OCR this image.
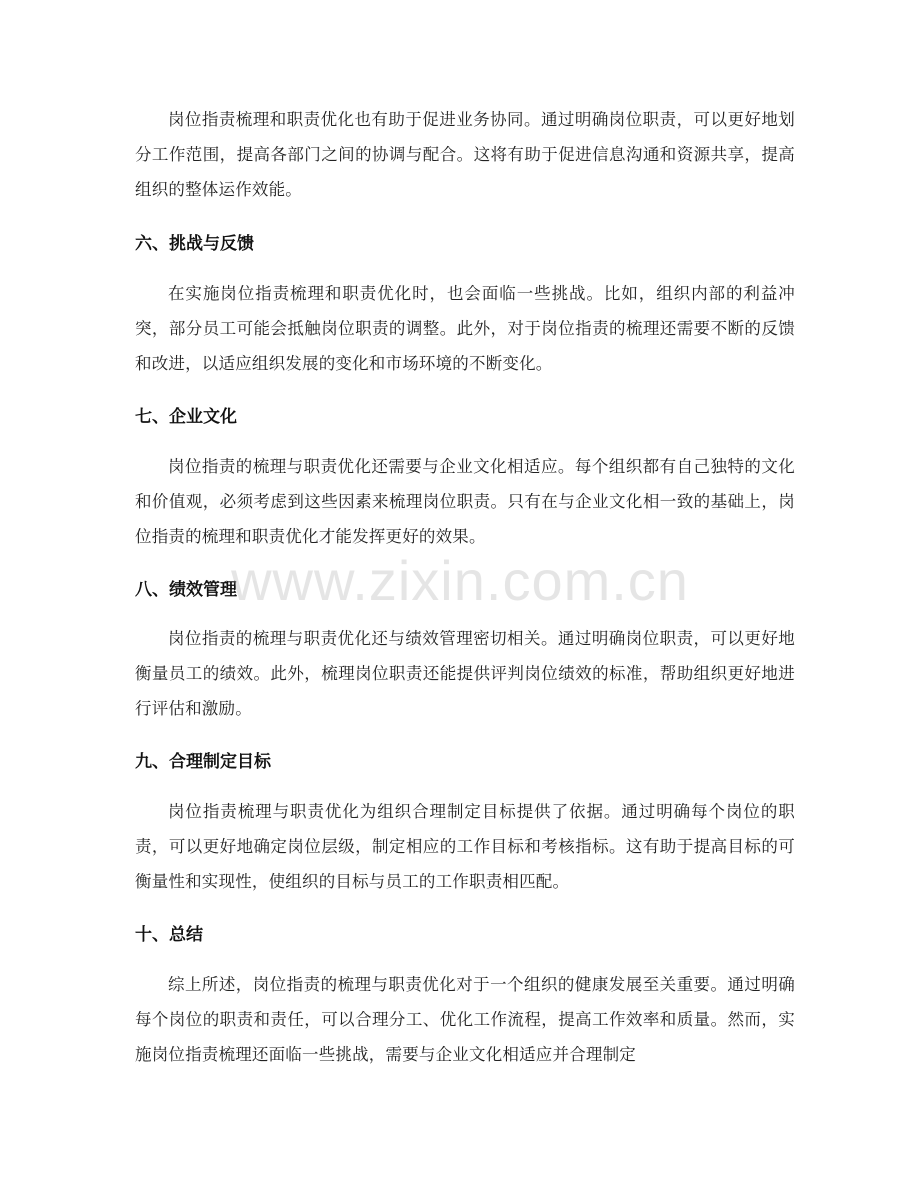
岗位指责梳理和职责优化也有助于促进业务协同。通过明确岗位职责，可以更好地划分工作范围，提高各部门之间的协调与配合。这将有助于促进信息沟通和资源共享，提高组织的整体运作效能。

六、挑战与反馈

在实施岗位指责梳理和职责优化时，也会面临一些挑战。比如，组织内部的利益冲突，部分员工可能会抵触岗位职责的调整。此外，对于岗位指责的梳理还需要不断的反馈和改进，以适应组织发展的变化和市场环境的不断变化。

七、企业文化

岗位指责的梳理与职责优化还需要与企业文化相适应。每个组织都有自己独特的文化和价值观，必须考虑到这些因素来梳理岗位职责。只有在与企业文化相一致的基础上，岗位指责的梳理和职责优化才能发挥更好的效果。

八、绩效管理

岗位指责的梳理与职责优化还与绩效管理密切相关。通过明确岗位职责，可以更好地衡量员工的绩效。此外，梳理岗位职责还能提供评判岗位绩效的标准，帮助组织更好地进行评估和激励。

九、合理制定目标

岗位指责梳理与职责优化为组织合理制定目标提供了依据。通过明确每个岗位的职责，可以更好地确定岗位层级，制定相应的工作目标和考核指标。这有助于提高目标的可衡量性和实现性，使组织的目标与员工的工作职责相匹配。

十、总结

综上所述，岗位指责的梳理与职责优化对于一个组织的健康发展至关重要。通过明确每个岗位的职责和责任，可以合理分工、优化工作流程，提高工作效率和质量。然而，实施岗位指责梳理还面临一些挑战，需要与企业文化相适应并合理制定

www.zixin.com.cn
